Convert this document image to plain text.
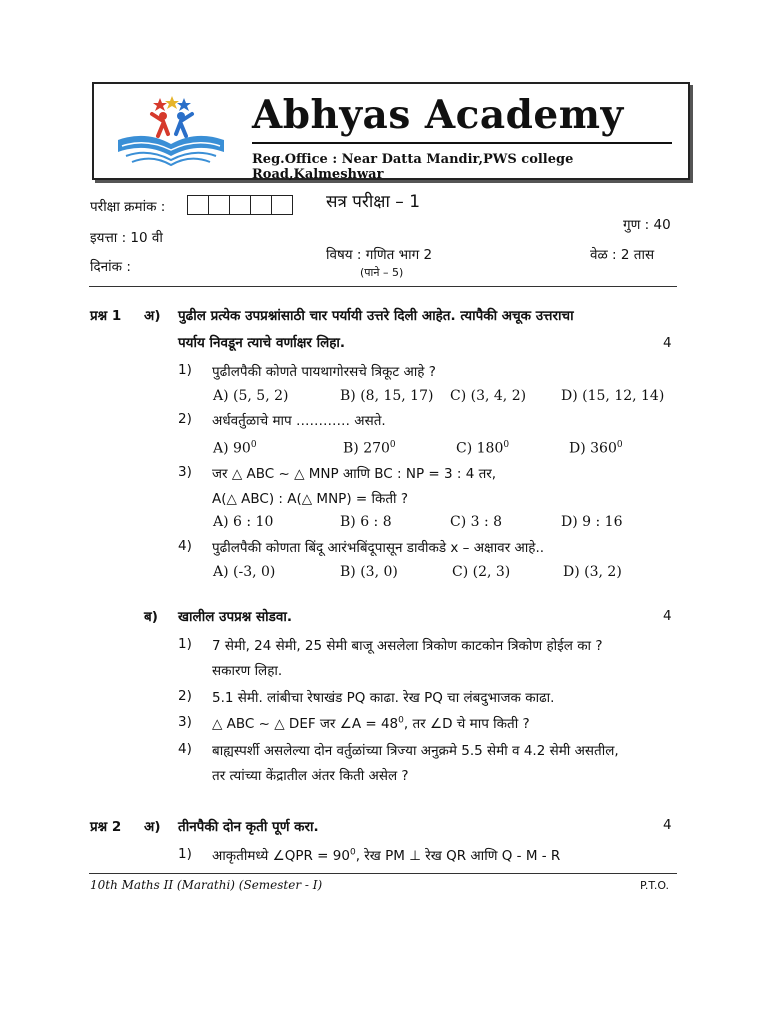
Abhyas Academy
Reg.Office : Near Datta Mandir,PWS college Road,Kalmeshwar
परीक्षा क्रमांक :	सत्र परीक्षा – 1
गुण : 40
इयत्ता : 10 वी
विषय : गणित भाग 2	वेळ : 2 तास
दिनांक :	(पाने – 5)
प्रश्न 1 अ) पुढील प्रत्येक उपप्रश्नांसाठी चार पर्यायी उत्तरे दिली आहेत. त्यापैकी अचूक उत्तराचा
पर्याय निवडून त्याचे वर्णाक्षर लिहा.	4
1) पुढीलपैकी कोणते पायथागोरसचे त्रिकूट आहे ?
A) (5, 5, 2)	B) (8, 15, 17) C) (3, 4, 2) D) (15, 12, 14)
2) अर्धवर्तुळाचे माप ………… असते.
A) $90^0$	B) $270^0$	C) $180^0$	D) $360^0$
3) जर △ ABC ~ △ MNP आणि BC : NP = 3 : 4 तर,
A(△ ABC) : A(△ MNP) = किती ?
A) 6 : 10	B) 6 : 8	C) 3 : 8	D) 9 : 16
4) पुढीलपैकी कोणता बिंदू आरंभबिंदूपासून डावीकडे x – अक्षावर आहे..
A) (-3, 0)	B) (3, 0)	C) (2, 3)	D) (3, 2)
ब) खालील उपप्रश्न सोडवा.	4
1) 7 सेमी, 24 सेमी, 25 सेमी बाजू असलेला त्रिकोण काटकोन त्रिकोण होईल का ?
सकारण लिहा.
2) 5.1 सेमी. लांबीचा रेषाखंड PQ काढा. रेख PQ चा लंबदुभाजक काढा.
3) △ ABC ~ △ DEF जर ∠A = $48^0$, तर ∠D चे माप किती ?
4) बाह्यस्पर्शी असलेल्या दोन वर्तुळांच्या त्रिज्या अनुक्रमे 5.5 सेमी व 4.2 सेमी असतील,
तर त्यांच्या केंद्रातील अंतर किती असेल ?
प्रश्न 2 अ) तीनपैकी दोन कृती पूर्ण करा.	4
1) आकृतीमध्ये ∠QPR = $90^0$, रेख PM ⊥ रेख QR आणि Q - M - R
10th Maths II (Marathi) (Semester - I)	P.T.O.
